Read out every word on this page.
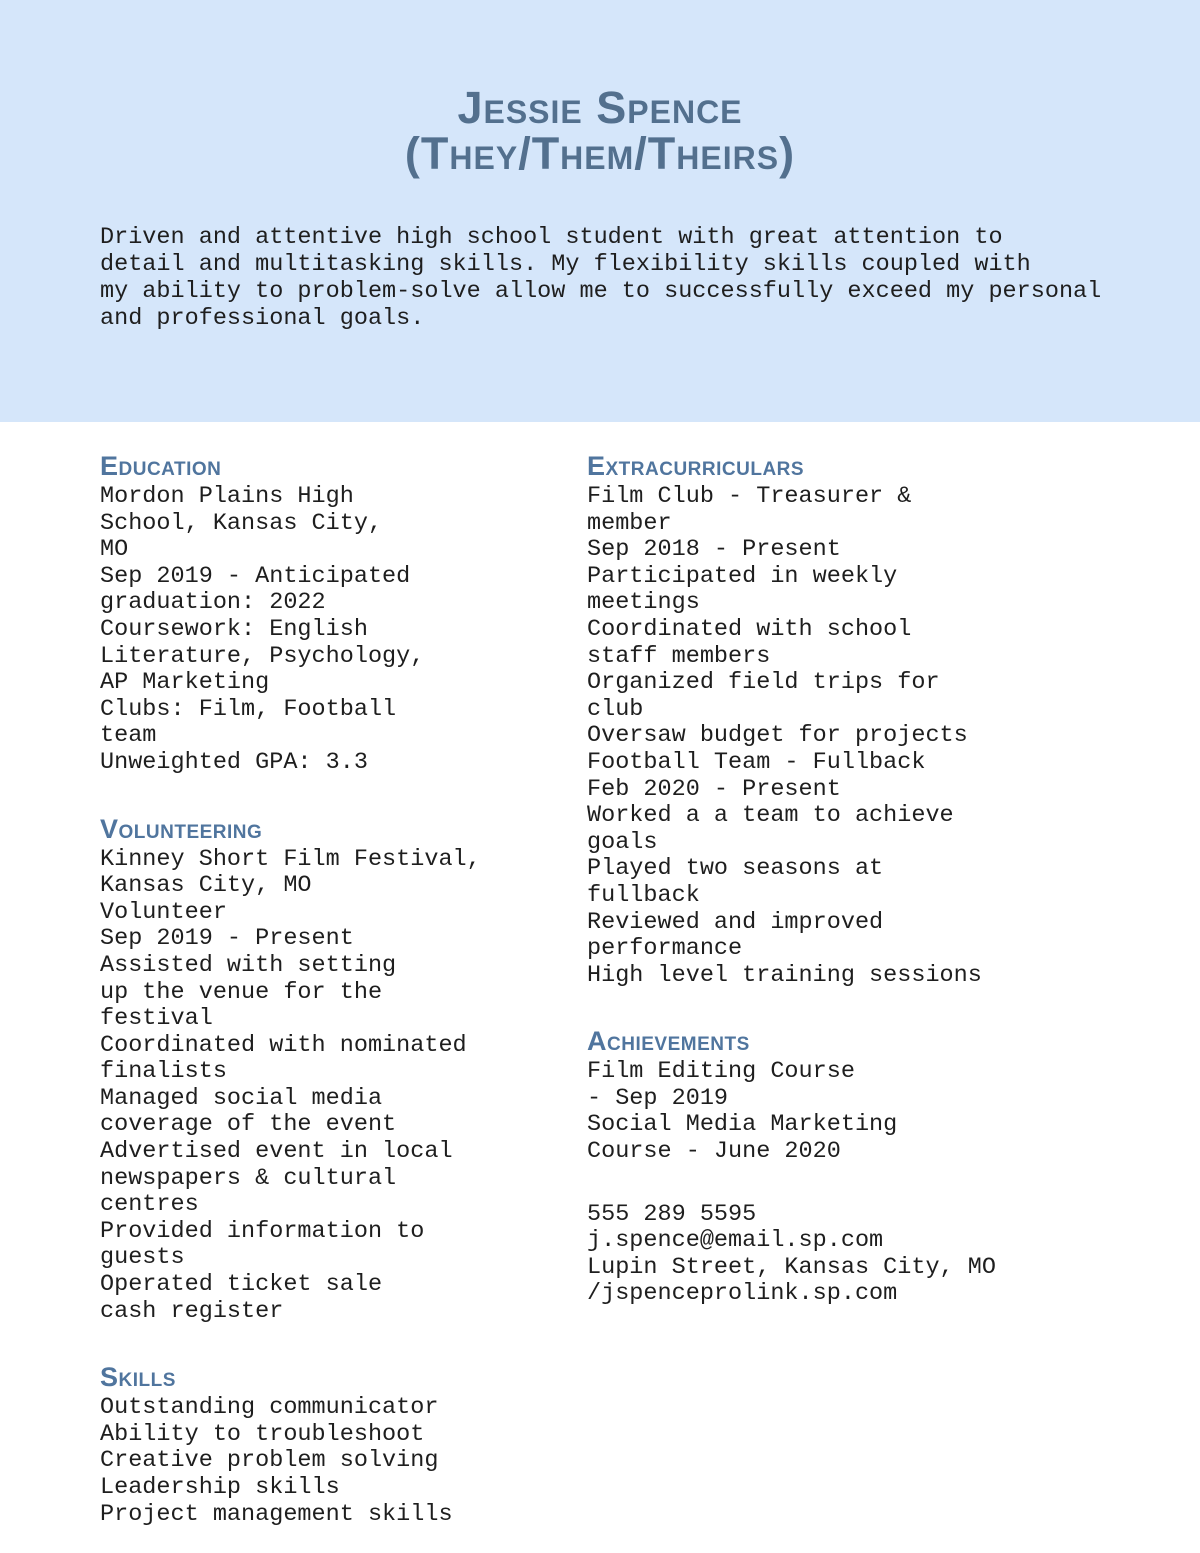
Jessie Spence
(They/Them/Theirs)
Driven and attentive high school student with great attention to
detail and multitasking skills. My flexibility skills coupled with
my ability to problem-solve allow me to successfully exceed my personal
and professional goals.
Education
Mordon Plains High
School, Kansas City,
MO
Sep 2019 - Anticipated
graduation: 2022
Coursework: English
Literature, Psychology,
AP Marketing
Clubs: Film, Football
team
Unweighted GPA: 3.3
Volunteering
Kinney Short Film Festival,
Kansas City, MO
Volunteer
Sep 2019 - Present
Assisted with setting
up the venue for the
festival
Coordinated with nominated
finalists
Managed social media
coverage of the event
Advertised event in local
newspapers & cultural
centres
Provided information to
guests
Operated ticket sale
cash register
Skills
Outstanding communicator
Ability to troubleshoot
Creative problem solving
Leadership skills
Project management skills
Extracurriculars
Film Club - Treasurer &
member
Sep 2018 - Present
Participated in weekly
meetings
Coordinated with school
staff members
Organized field trips for
club
Oversaw budget for projects
Football Team - Fullback
Feb 2020 - Present
Worked a a team to achieve
goals
Played two seasons at
fullback
Reviewed and improved
performance
High level training sessions
Achievements
Film Editing Course
- Sep 2019
Social Media Marketing
Course - June 2020
555 289 5595
j.spence@email.sp.com
Lupin Street, Kansas City, MO
/jspenceprolink.sp.com
